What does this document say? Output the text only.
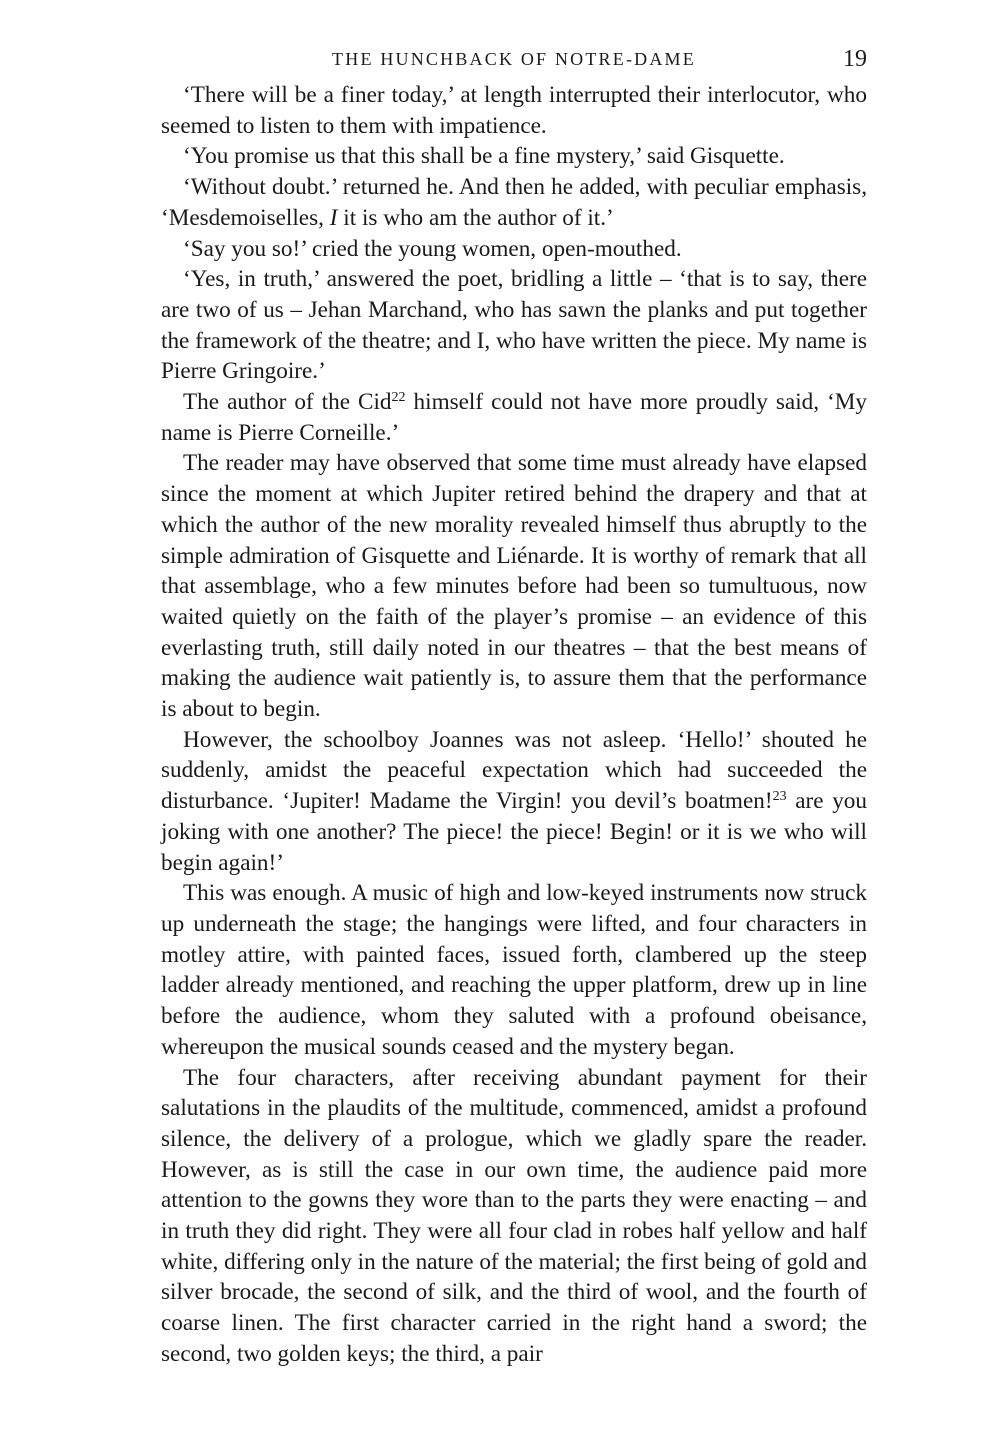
THE HUNCHBACK OF NOTRE-DAME	19

‘There will be a finer today,’ at length interrupted their interlocutor, who seemed to listen to them with impatience.

‘You promise us that this shall be a fine mystery,’ said Gisquette.

‘Without doubt.’ returned he. And then he added, with peculiar emphasis, ‘Mesdemoiselles, I it is who am the author of it.’

‘Say you so!’ cried the young women, open-mouthed.

‘Yes, in truth,’ answered the poet, bridling a little – ‘that is to say, there are two of us – Jehan Marchand, who has sawn the planks and put together the framework of the theatre; and I, who have written the piece. My name is Pierre Gringoire.’

The author of the Cid$^{22}$ himself could not have more proudly said, ‘My name is Pierre Corneille.’

The reader may have observed that some time must already have elapsed since the moment at which Jupiter retired behind the drapery and that at which the author of the new morality revealed himself thus abruptly to the simple admiration of Gisquette and Liénarde. It is worthy of remark that all that assemblage, who a few minutes before had been so tumultuous, now waited quietly on the faith of the player’s promise – an evidence of this everlasting truth, still daily noted in our theatres – that the best means of making the audience wait patiently is, to assure them that the performance is about to begin.

However, the schoolboy Joannes was not asleep. ‘Hello!’ shouted he suddenly, amidst the peaceful expectation which had succeeded the disturbance. ‘Jupiter! Madame the Virgin! you devil’s boatmen!$^{23}$ are you joking with one another? The piece! the piece! Begin! or it is we who will begin again!’

This was enough. A music of high and low-keyed instruments now struck up underneath the stage; the hangings were lifted, and four characters in motley attire, with painted faces, issued forth, clambered up the steep ladder already mentioned, and reaching the upper platform, drew up in line before the audience, whom they saluted with a profound obeisance, whereupon the musical sounds ceased and the mystery began.

The four characters, after receiving abundant payment for their salutations in the plaudits of the multitude, commenced, amidst a profound silence, the delivery of a prologue, which we gladly spare the reader. However, as is still the case in our own time, the audience paid more attention to the gowns they wore than to the parts they were enacting – and in truth they did right. They were all four clad in robes half yellow and half white, differing only in the nature of the material; the first being of gold and silver brocade, the second of silk, and the third of wool, and the fourth of coarse linen. The first character carried in the right hand a sword; the second, two golden keys; the third, a pair
